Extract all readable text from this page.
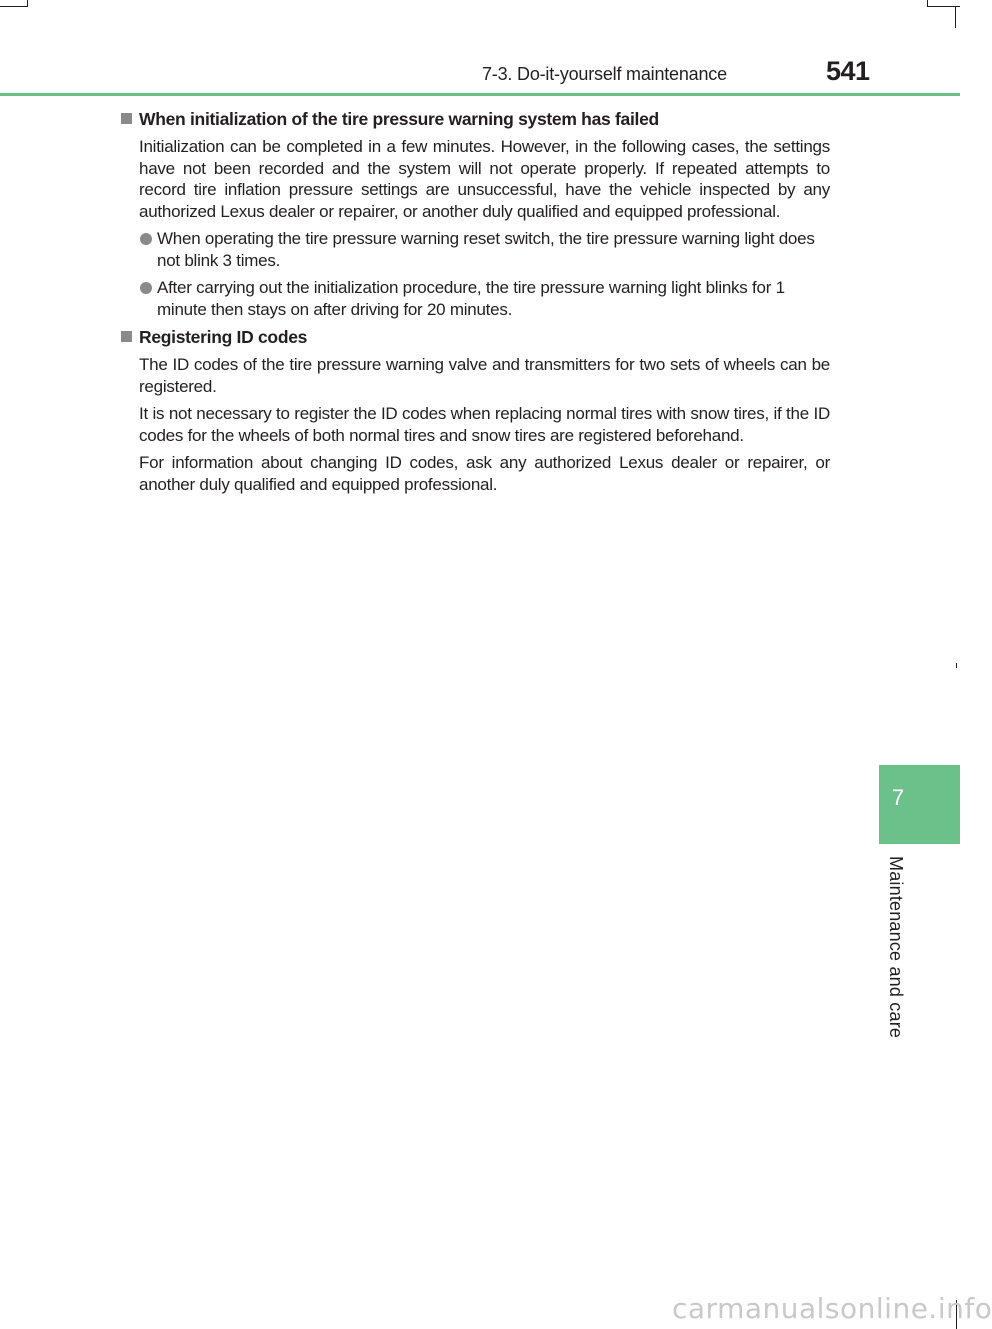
7-3. Do-it-yourself maintenance	541
When initialization of the tire pressure warning system has failed

Initialization can be completed in a few minutes. However, in the following cases, the settings have not been recorded and the system will not operate properly. If repeated attempts to record tire inflation pressure settings are unsuccessful, have the vehicle inspected by any authorized Lexus dealer or repairer, or another duly qualified and equipped professional.

When operating the tire pressure warning reset switch, the tire pressure warning light does not blink 3 times.
After carrying out the initialization procedure, the tire pressure warning light blinks for 1 minute then stays on after driving for 20 minutes.
Registering ID codes

The ID codes of the tire pressure warning valve and transmitters for two sets of wheels can be registered.

It is not necessary to register the ID codes when replacing normal tires with snow tires, if the ID codes for the wheels of both normal tires and snow tires are registered beforehand.

For information about changing ID codes, ask any authorized Lexus dealer or repairer, or another duly qualified and equipped professional.

7
Maintenance and care
carmanualsonline.info
